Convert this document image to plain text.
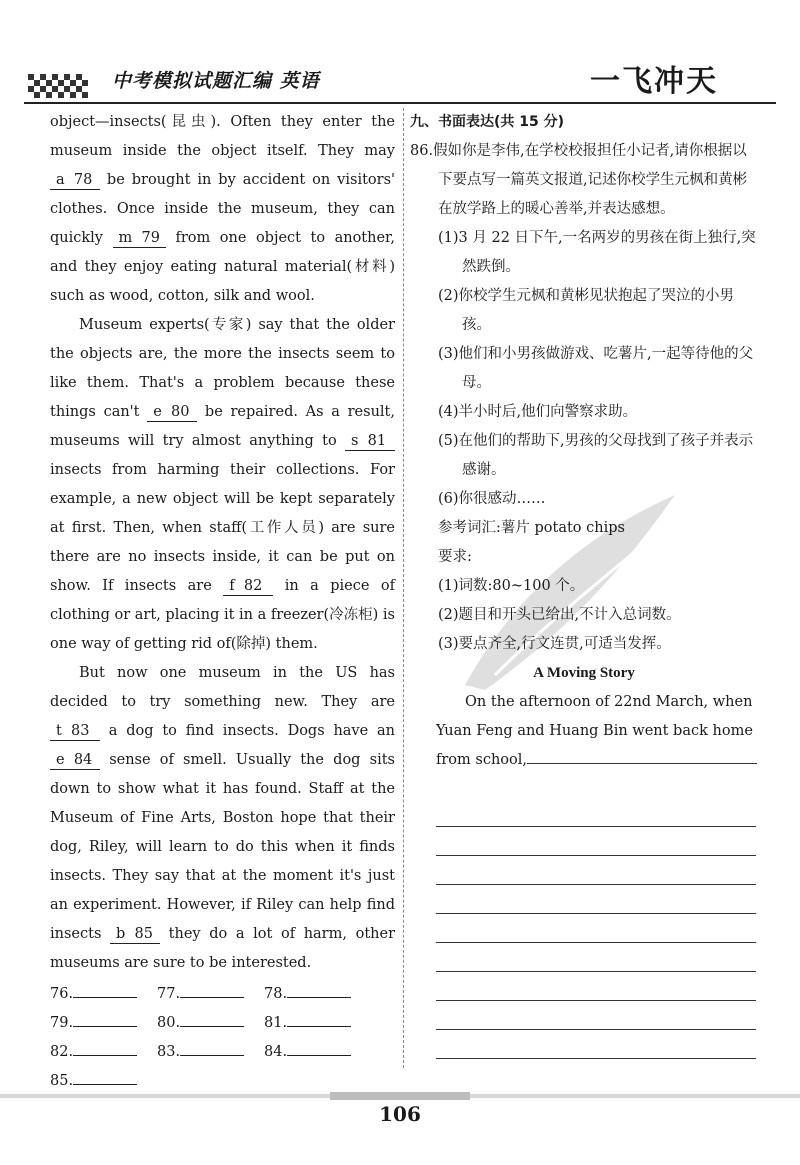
中考模拟试题汇编 英语	一飞冲天

object—insects(昆虫). Often they enter the museum inside the object itself. They may a 78 be brought in by accident on visitors' clothes. Once inside the museum, they can quickly m 79 from one object to another, and they enjoy eating natural material(材料) such as wood, cotton, silk and wool.

Museum experts(专家) say that the older the objects are, the more the insects seem to like them. That's a problem because these things can't e 80 be repaired. As a result, museums will try almost anything to s 81 insects from harming their collections. For example, a new object will be kept separately at first. Then, when staff(工作人员) are sure there are no insects inside, it can be put on show. If insects are f 82 in a piece of clothing or art, placing it in a freezer(冷冻柜) is one way of getting rid of(除掉) them.

But now one museum in the US has decided to try something new. They are t 83 a dog to find insects. Dogs have an e 84 sense of smell. Usually the dog sits down to show what it has found. Staff at the Museum of Fine Arts, Boston hope that their dog, Riley, will learn to do this when it finds insects. They say that at the moment it's just an experiment. However, if Riley can help find insects b 85 they do a lot of harm, other museums are sure to be interested.

76.	77.	78.
79.	80.	81.
82.	83.	84.
85.

九、书面表达(共 15 分)

86.假如你是李伟,在学校校报担任小记者,请你根据以下要点写一篇英文报道,记述你校学生元枫和黄彬在放学路上的暖心善举,并表达感想。

(1)3 月 22 日下午,一名两岁的男孩在街上独行,突然跌倒。

(2)你校学生元枫和黄彬见状抱起了哭泣的小男孩。

(3)他们和小男孩做游戏、吃薯片,一起等待他的父母。

(4)半小时后,他们向警察求助。

(5)在他们的帮助下,男孩的父母找到了孩子并表示感谢。

(6)你很感动……

参考词汇:薯片 potato chips

要求:

(1)词数:80~100 个。

(2)题目和开头已给出,不计入总词数。

(3)要点齐全,行文连贯,可适当发挥。

A Moving Story

On the afternoon of 22nd March, when Yuan Feng and Huang Bin went back home from school,

106
